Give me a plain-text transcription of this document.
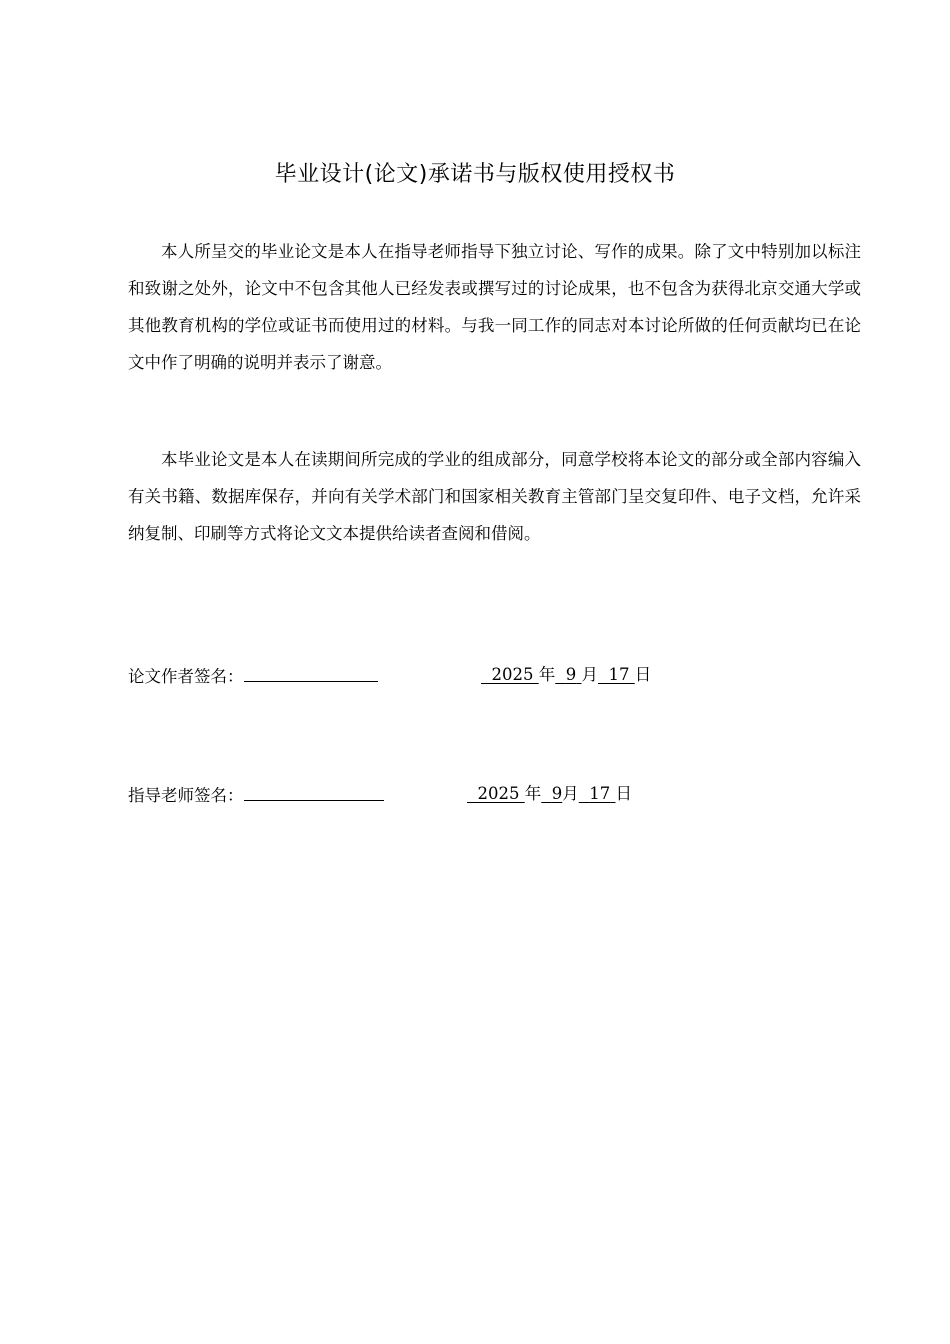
毕业设计(论文)承诺书与版权使用授权书

本人所呈交的毕业论文是本人在指导老师指导下独立讨论、写作的成果。除了文中特别加以标注和致谢之处外，论文中不包含其他人已经发表或撰写过的讨论成果，也不包含为获得北京交通大学或其他教育机构的学位或证书而使用过的材料。与我一同工作的同志对本讨论所做的任何贡献均已在论文中作了明确的说明并表示了谢意。

本毕业论文是本人在读期间所完成的学业的组成部分，同意学校将本论文的部分或全部内容编入有关书籍、数据库保存，并向有关学术部门和国家相关教育主管部门呈交复印件、电子文档，允许采纳复制、印刷等方式将论文文本提供给读者查阅和借阅。

论文作者签名：	2025 年 9 月 17 日
指导老师签名：	2025 年 9月 17 日
